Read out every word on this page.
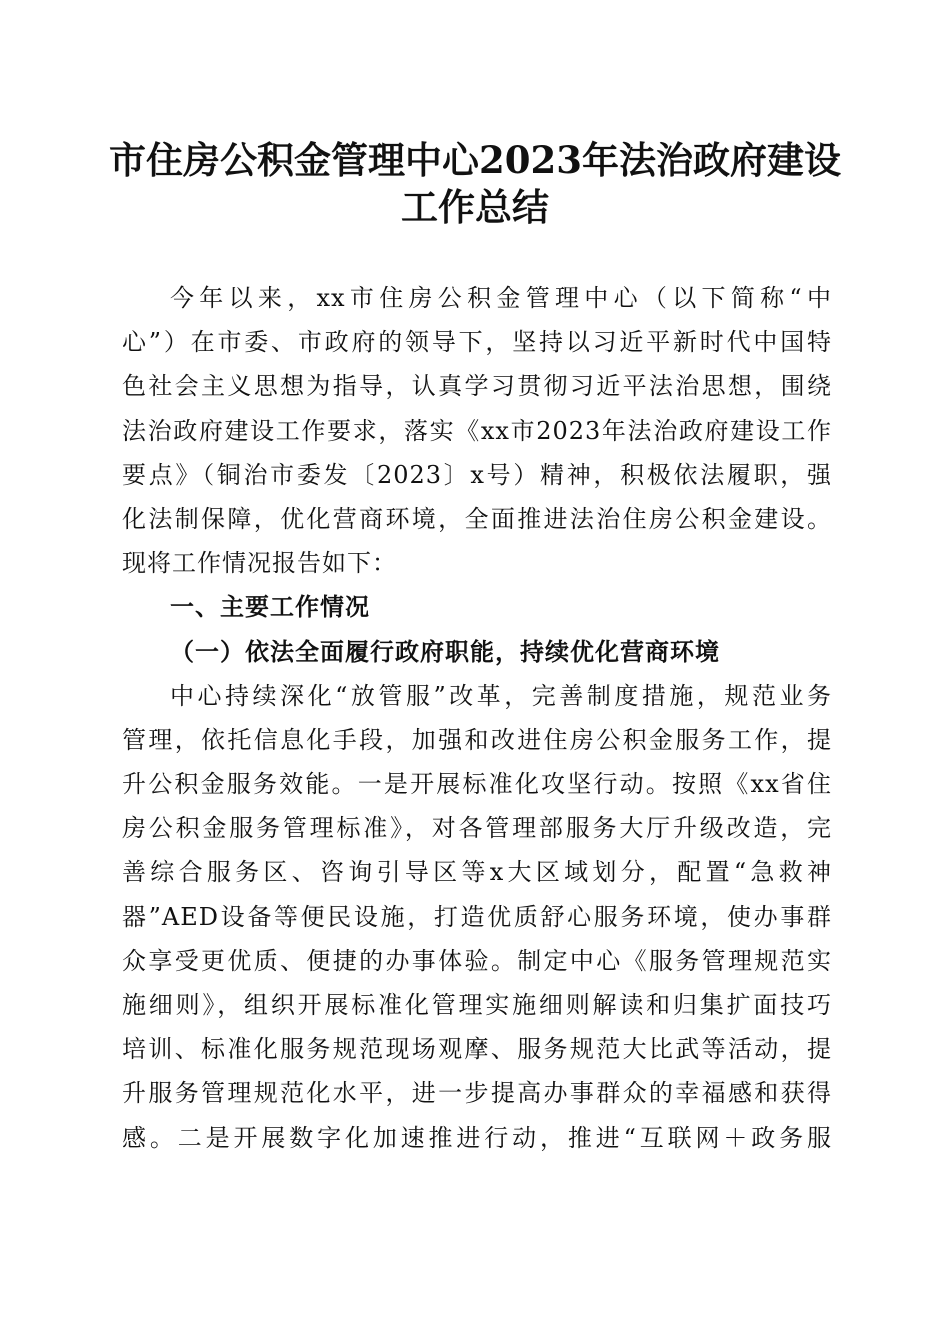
市住房公积金管理中心2023年法治政府建设
工作总结
今年以来，xx市住房公积金管理中心（以下简称“中
心”）在市委、市政府的领导下，坚持以习近平新时代中国特
色社会主义思想为指导，认真学习贯彻习近平法治思想，围绕
法治政府建设工作要求，落实《xx市2023年法治政府建设工作
要点》（铜治市委发〔2023〕x号）精神，积极依法履职，强
化法制保障，优化营商环境，全面推进法治住房公积金建设。
现将工作情况报告如下：
一、主要工作情况
（一）依法全面履行政府职能，持续优化营商环境
中心持续深化“放管服”改革，完善制度措施，规范业务
管理，依托信息化手段，加强和改进住房公积金服务工作，提
升公积金服务效能。一是开展标准化攻坚行动。按照《xx省住
房公积金服务管理标准》，对各管理部服务大厅升级改造，完
善综合服务区、咨询引导区等x大区域划分，配置“急救神
器”AED设备等便民设施，打造优质舒心服务环境，使办事群
众享受更优质、便捷的办事体验。制定中心《服务管理规范实
施细则》，组织开展标准化管理实施细则解读和归集扩面技巧
培训、标准化服务规范现场观摩、服务规范大比武等活动，提
升服务管理规范化水平，进一步提高办事群众的幸福感和获得
感。二是开展数字化加速推进行动，推进“互联网＋政务服
